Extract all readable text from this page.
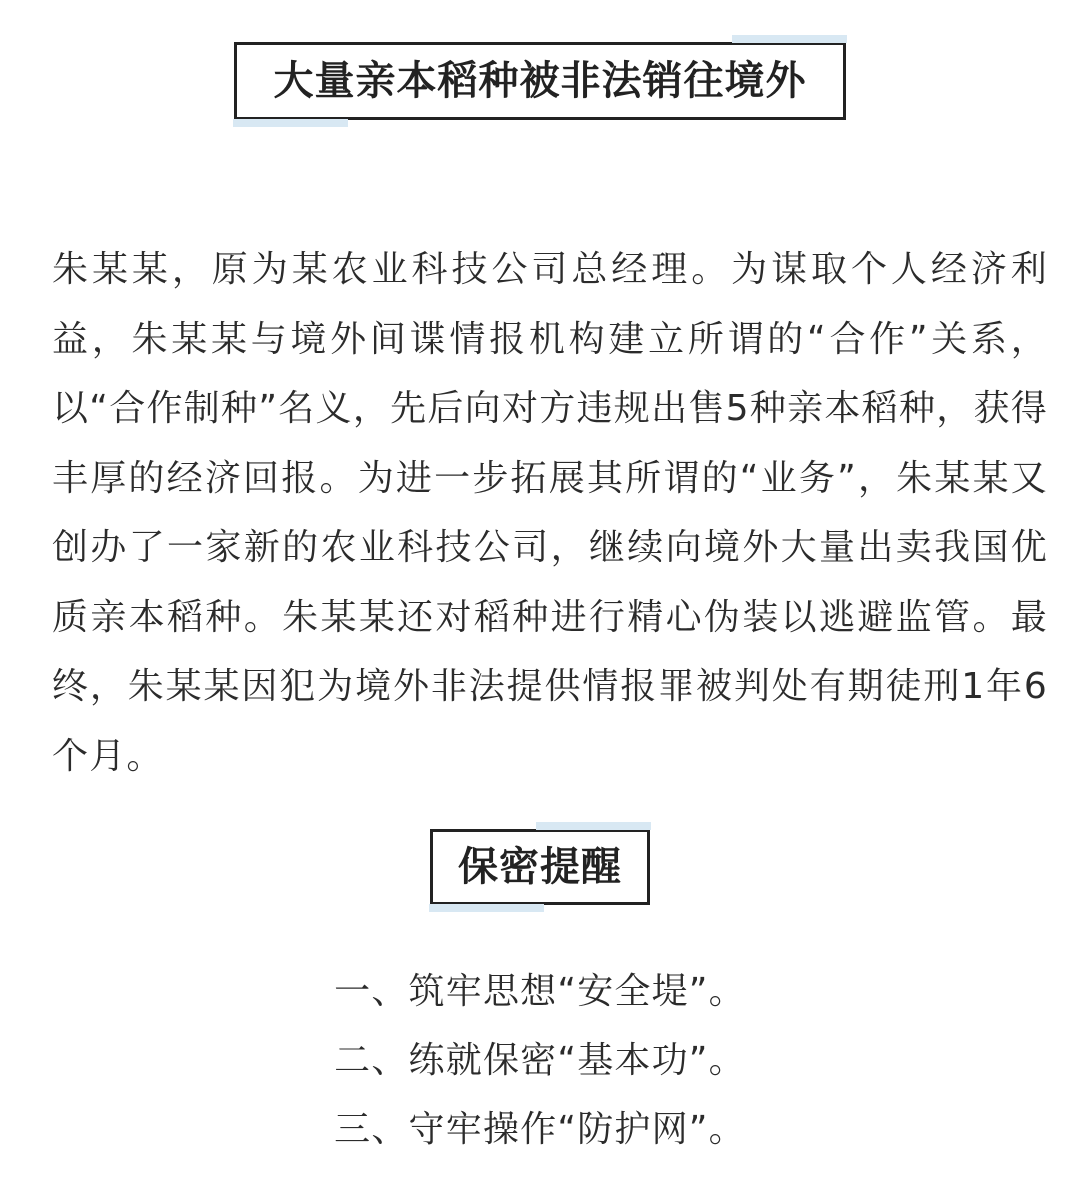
大量亲本稻种被非法销往境外

朱某某，原为某农业科技公司总经理。为谋取个人经济利益，朱某某与境外间谍情报机构建立所谓的“合作”关系，以“合作制种”名义，先后向对方违规出售5种亲本稻种，获得丰厚的经济回报。为进一步拓展其所谓的“业务”，朱某某又创办了一家新的农业科技公司，继续向境外大量出卖我国优质亲本稻种。朱某某还对稻种进行精心伪装以逃避监管。最终，朱某某因犯为境外非法提供情报罪被判处有期徒刑1年6个月。

保密提醒
一、筑牢思想“安全堤”。
二、练就保密“基本功”。
三、守牢操作“防护网”。
